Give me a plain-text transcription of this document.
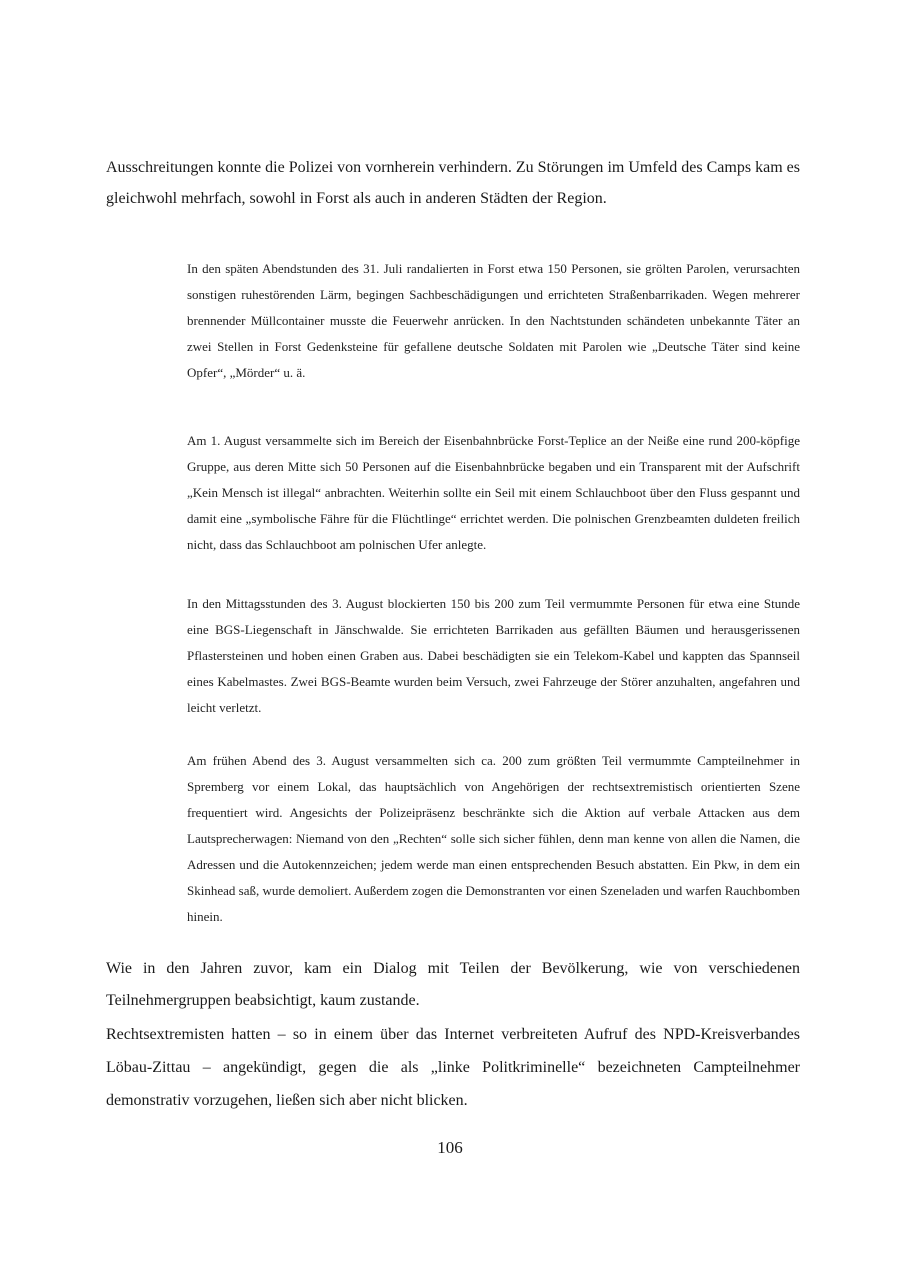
Ausschreitungen konnte die Polizei von vornherein verhindern. Zu Störungen im Umfeld des Camps kam es gleichwohl mehrfach, sowohl in Forst als auch in anderen Städten der Region.

In den späten Abendstunden des 31. Juli randalierten in Forst etwa 150 Personen, sie grölten Parolen, verursachten sonstigen ruhestörenden Lärm, begingen Sachbeschädigungen und errichteten Straßenbarrikaden. Wegen mehrerer brennender Müllcontainer musste die Feuerwehr anrücken. In den Nachtstunden schändeten unbekannte Täter an zwei Stellen in Forst Gedenksteine für gefallene deutsche Soldaten mit Parolen wie „Deutsche Täter sind keine Opfer“, „Mörder“ u. ä.

Am 1. August versammelte sich im Bereich der Eisenbahnbrücke Forst-Teplice an der Neiße eine rund 200-köpfige Gruppe, aus deren Mitte sich 50 Personen auf die Eisenbahnbrücke begaben und ein Transparent mit der Aufschrift „Kein Mensch ist illegal“ anbrachten. Weiterhin sollte ein Seil mit einem Schlauchboot über den Fluss gespannt und damit eine „symbolische Fähre für die Flüchtlinge“ errichtet werden. Die polnischen Grenzbeamten duldeten freilich nicht, dass das Schlauchboot am polnischen Ufer anlegte.

In den Mittagsstunden des 3. August blockierten 150 bis 200 zum Teil vermummte Personen für etwa eine Stunde eine BGS-Liegenschaft in Jänschwalde. Sie errichteten Barrikaden aus gefällten Bäumen und herausgerissenen Pflastersteinen und hoben einen Graben aus. Dabei beschädigten sie ein Telekom-Kabel und kappten das Spannseil eines Kabelmastes. Zwei BGS-Beamte wurden beim Versuch, zwei Fahrzeuge der Störer anzuhalten, angefahren und leicht verletzt.

Am frühen Abend des 3. August versammelten sich ca. 200 zum größten Teil vermummte Campteilnehmer in Spremberg vor einem Lokal, das hauptsächlich von Angehörigen der rechtsextremistisch orientierten Szene frequentiert wird. Angesichts der Polizeipräsenz beschränkte sich die Aktion auf verbale Attacken aus dem Lautsprecherwagen: Niemand von den „Rechten“ solle sich sicher fühlen, denn man kenne von allen die Namen, die Adressen und die Autokennzeichen; jedem werde man einen entsprechenden Besuch abstatten. Ein Pkw, in dem ein Skinhead saß, wurde demoliert. Außerdem zogen die Demonstranten vor einen Szeneladen und warfen Rauchbomben hinein.

Wie in den Jahren zuvor, kam ein Dialog mit Teilen der Bevölkerung, wie von verschiedenen Teilnehmergruppen beabsichtigt, kaum zustande.

Rechtsextremisten hatten – so in einem über das Internet verbreiteten Aufruf des NPD-Kreisverbandes Löbau-Zittau – angekündigt, gegen die als „linke Politkriminelle“ bezeichneten Campteilnehmer demonstrativ vorzugehen, ließen sich aber nicht blicken.

106
